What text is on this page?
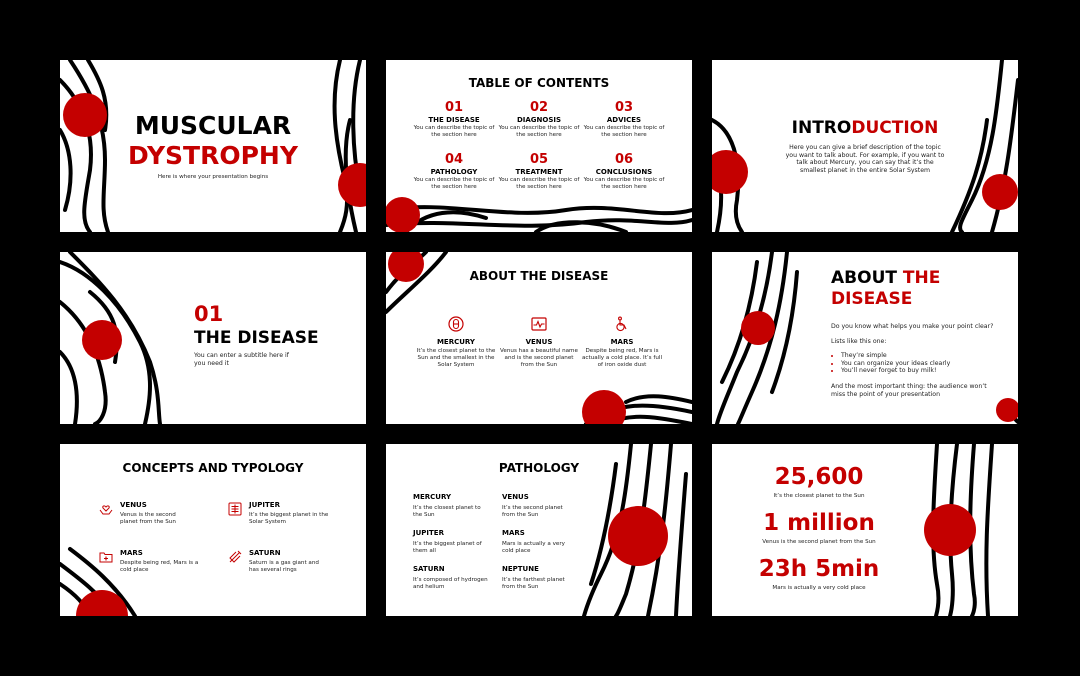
MUSCULAR
DYSTROPHY
Here is where your presentation begins
TABLE OF CONTENTS
01
THE DISEASE
You can describe the topic of the section here
02
DIAGNOSIS
You can describe the topic of the section here
03
ADVICES
You can describe the topic of the section here
04
PATHOLOGY
You can describe the topic of the section here
05
TREATMENT
You can describe the topic of the section here
06
CONCLUSIONS
You can describe the topic of the section here
INTRODUCTION
Here you can give a brief description of the topic you want to talk about. For example, if you want to talk about Mercury, you can say that it’s the smallest planet in the entire Solar System
01
THE DISEASE
You can enter a subtitle here if you need it
ABOUT THE DISEASE
MERCURY
It’s the closest planet to the Sun and the smallest in the Solar System
VENUS
Venus has a beautiful name and is the second planet from the Sun
MARS
Despite being red, Mars is actually a cold place. It’s full of iron oxide dust
ABOUT THE
DISEASE
Do you know what helps you make your point clear?
Lists like this one:
• They’re simple
• You can organize your ideas clearly
• You’ll never forget to buy milk!
And the most important thing: the audience won’t miss the point of your presentation
CONCEPTS AND TYPOLOGY
VENUS
Venus is the second planet from the Sun
JUPITER
It’s the biggest planet in the Solar System
MARS
Despite being red, Mars is a cold place
SATURN
Saturn is a gas giant and has several rings
PATHOLOGY
MERCURY
It’s the closest planet to the Sun
VENUS
It’s the second planet from the Sun
JUPITER
It’s the biggest planet of them all
MARS
Mars is actually a very cold place
SATURN
It’s composed of hydrogen and helium
NEPTUNE
It’s the farthest planet from the Sun
25,600
It’s the closest planet to the Sun
1 million
Venus is the second planet from the Sun
23h 5min
Mars is actually a very cold place
